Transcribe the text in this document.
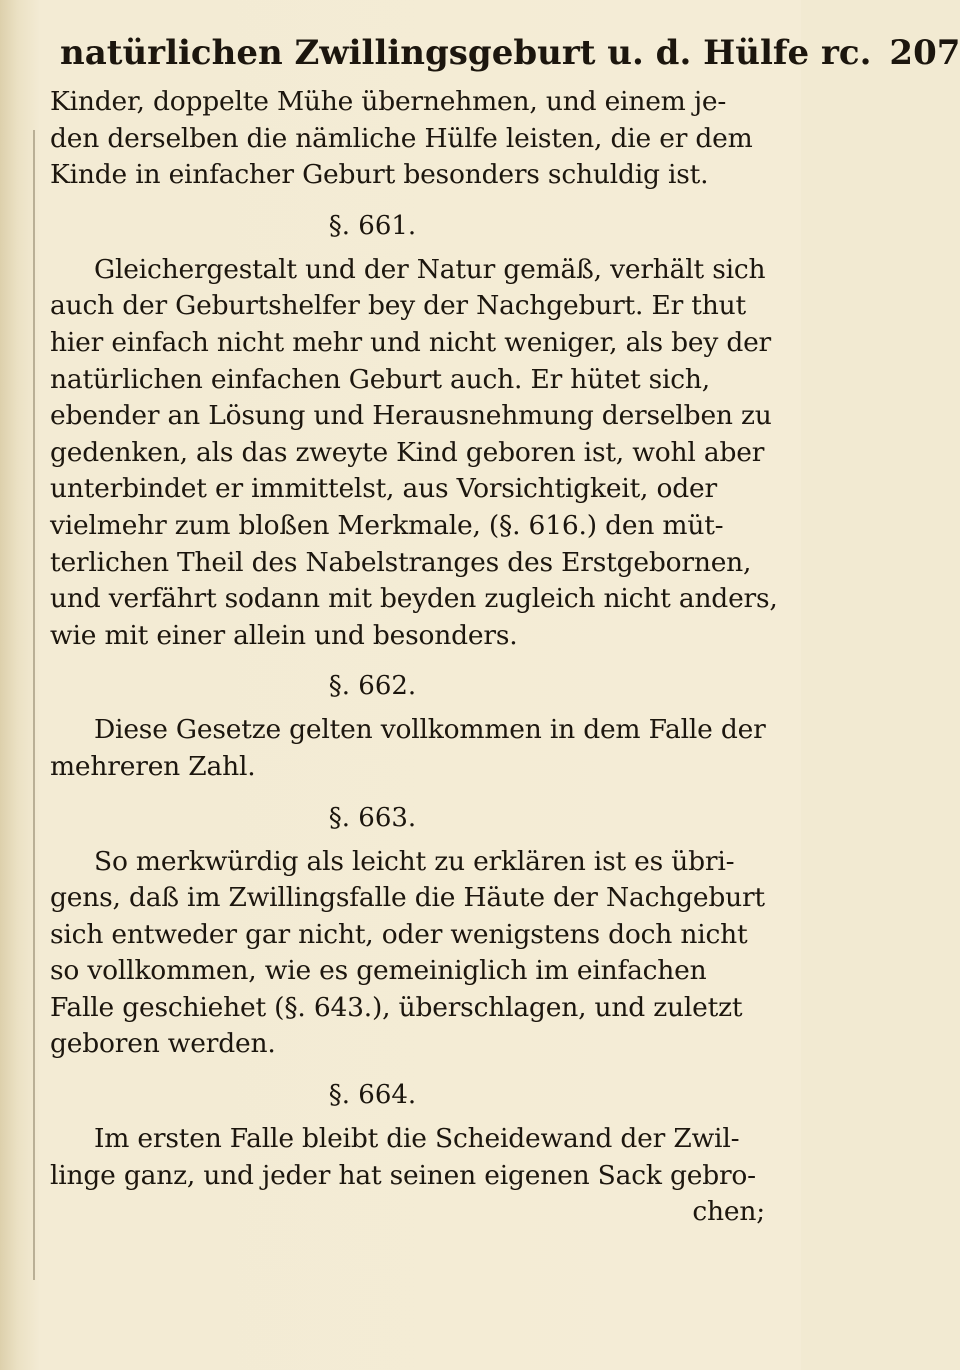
natürlichen Zwillingsgeburt u. d. Hülfe rc. 207
Kinder, doppelte Mühe übernehmen, und einem je-
den derselben die nämliche Hülfe leisten, die er dem
Kinde in einfacher Geburt besonders schuldig ist.
§. 661.
Gleichergestalt und der Natur gemäß, verhält sich
auch der Geburtshelfer bey der Nachgeburt. Er thut
hier einfach nicht mehr und nicht weniger, als bey der
natürlichen einfachen Geburt auch. Er hütet sich,
ebender an Lösung und Herausnehmung derselben zu
gedenken, als das zweyte Kind geboren ist, wohl aber
unterbindet er immittelst, aus Vorsichtigkeit, oder
vielmehr zum bloßen Merkmale, (§. 616.) den müt-
terlichen Theil des Nabelstranges des Erstgebornen,
und verfährt sodann mit beyden zugleich nicht anders,
wie mit einer allein und besonders.
§. 662.
Diese Gesetze gelten vollkommen in dem Falle der
mehreren Zahl.
§. 663.
So merkwürdig als leicht zu erklären ist es übri-
gens, daß im Zwillingsfalle die Häute der Nachgeburt
sich entweder gar nicht, oder wenigstens doch nicht
so vollkommen, wie es gemeiniglich im einfachen
Falle geschiehet (§. 643.), überschlagen, und zuletzt
geboren werden.
§. 664.
Im ersten Falle bleibt die Scheidewand der Zwil-
linge ganz, und jeder hat seinen eigenen Sack gebro-
chen;
